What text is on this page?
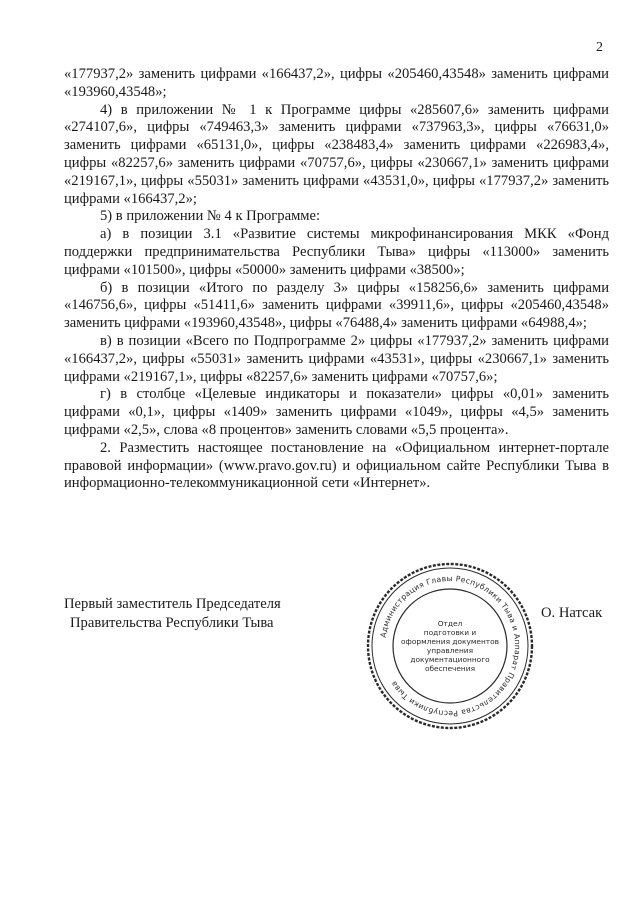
2

«177937,2» заменить цифрами «166437,2», цифры «205460,43548» заменить цифрами «193960,43548»;

4) в приложении № 1 к Программе цифры «285607,6» заменить цифрами «274107,6», цифры «749463,3» заменить цифрами «737963,3», цифры «76631,0» заменить цифрами «65131,0», цифры «238483,4» заменить цифрами «226983,4», цифры «82257,6» заменить цифрами «70757,6», цифры «230667,1» заменить цифрами «219167,1», цифры «55031» заменить цифрами «43531,0», цифры «177937,2» заменить цифрами «166437,2»;

5) в приложении № 4 к Программе:

а) в позиции 3.1 «Развитие системы микрофинансирования МКК «Фонд поддержки предпринимательства Республики Тыва» цифры «113000» заменить цифрами «101500», цифры «50000» заменить цифрами «38500»;

б) в позиции «Итого по разделу 3» цифры «158256,6» заменить цифрами «146756,6», цифры «51411,6» заменить цифрами «39911,6», цифры «205460,43548» заменить цифрами «193960,43548», цифры «76488,4» заменить цифрами «64988,4»;

в) в позиции «Всего по Подпрограмме 2» цифры «177937,2» заменить цифрами «166437,2», цифры «55031» заменить цифрами «43531», цифры «230667,1» заменить цифрами «219167,1», цифры «82257,6» заменить цифрами «70757,6»;

г) в столбце «Целевые индикаторы и показатели» цифры «0,01» заменить цифрами «0,1», цифры «1409» заменить цифрами «1049», цифры «4,5» заменить цифрами «2,5», слова «8 процентов» заменить словами «5,5 процента».

2. Разместить настоящее постановление на «Официальном интернет-портале правовой информации» (www.pravo.gov.ru) и официальном сайте Республики Тыва в информационно-телекоммуникационной сети «Интернет».

Первый заместитель Председателя
Правительства Республики Тыва
О. Натсак
Администрация Главы Республики Тыва и Аппарат Правительства Республики Тыва
Отдел
подготовки и
оформления документов
управления
документационного
обеспечения
